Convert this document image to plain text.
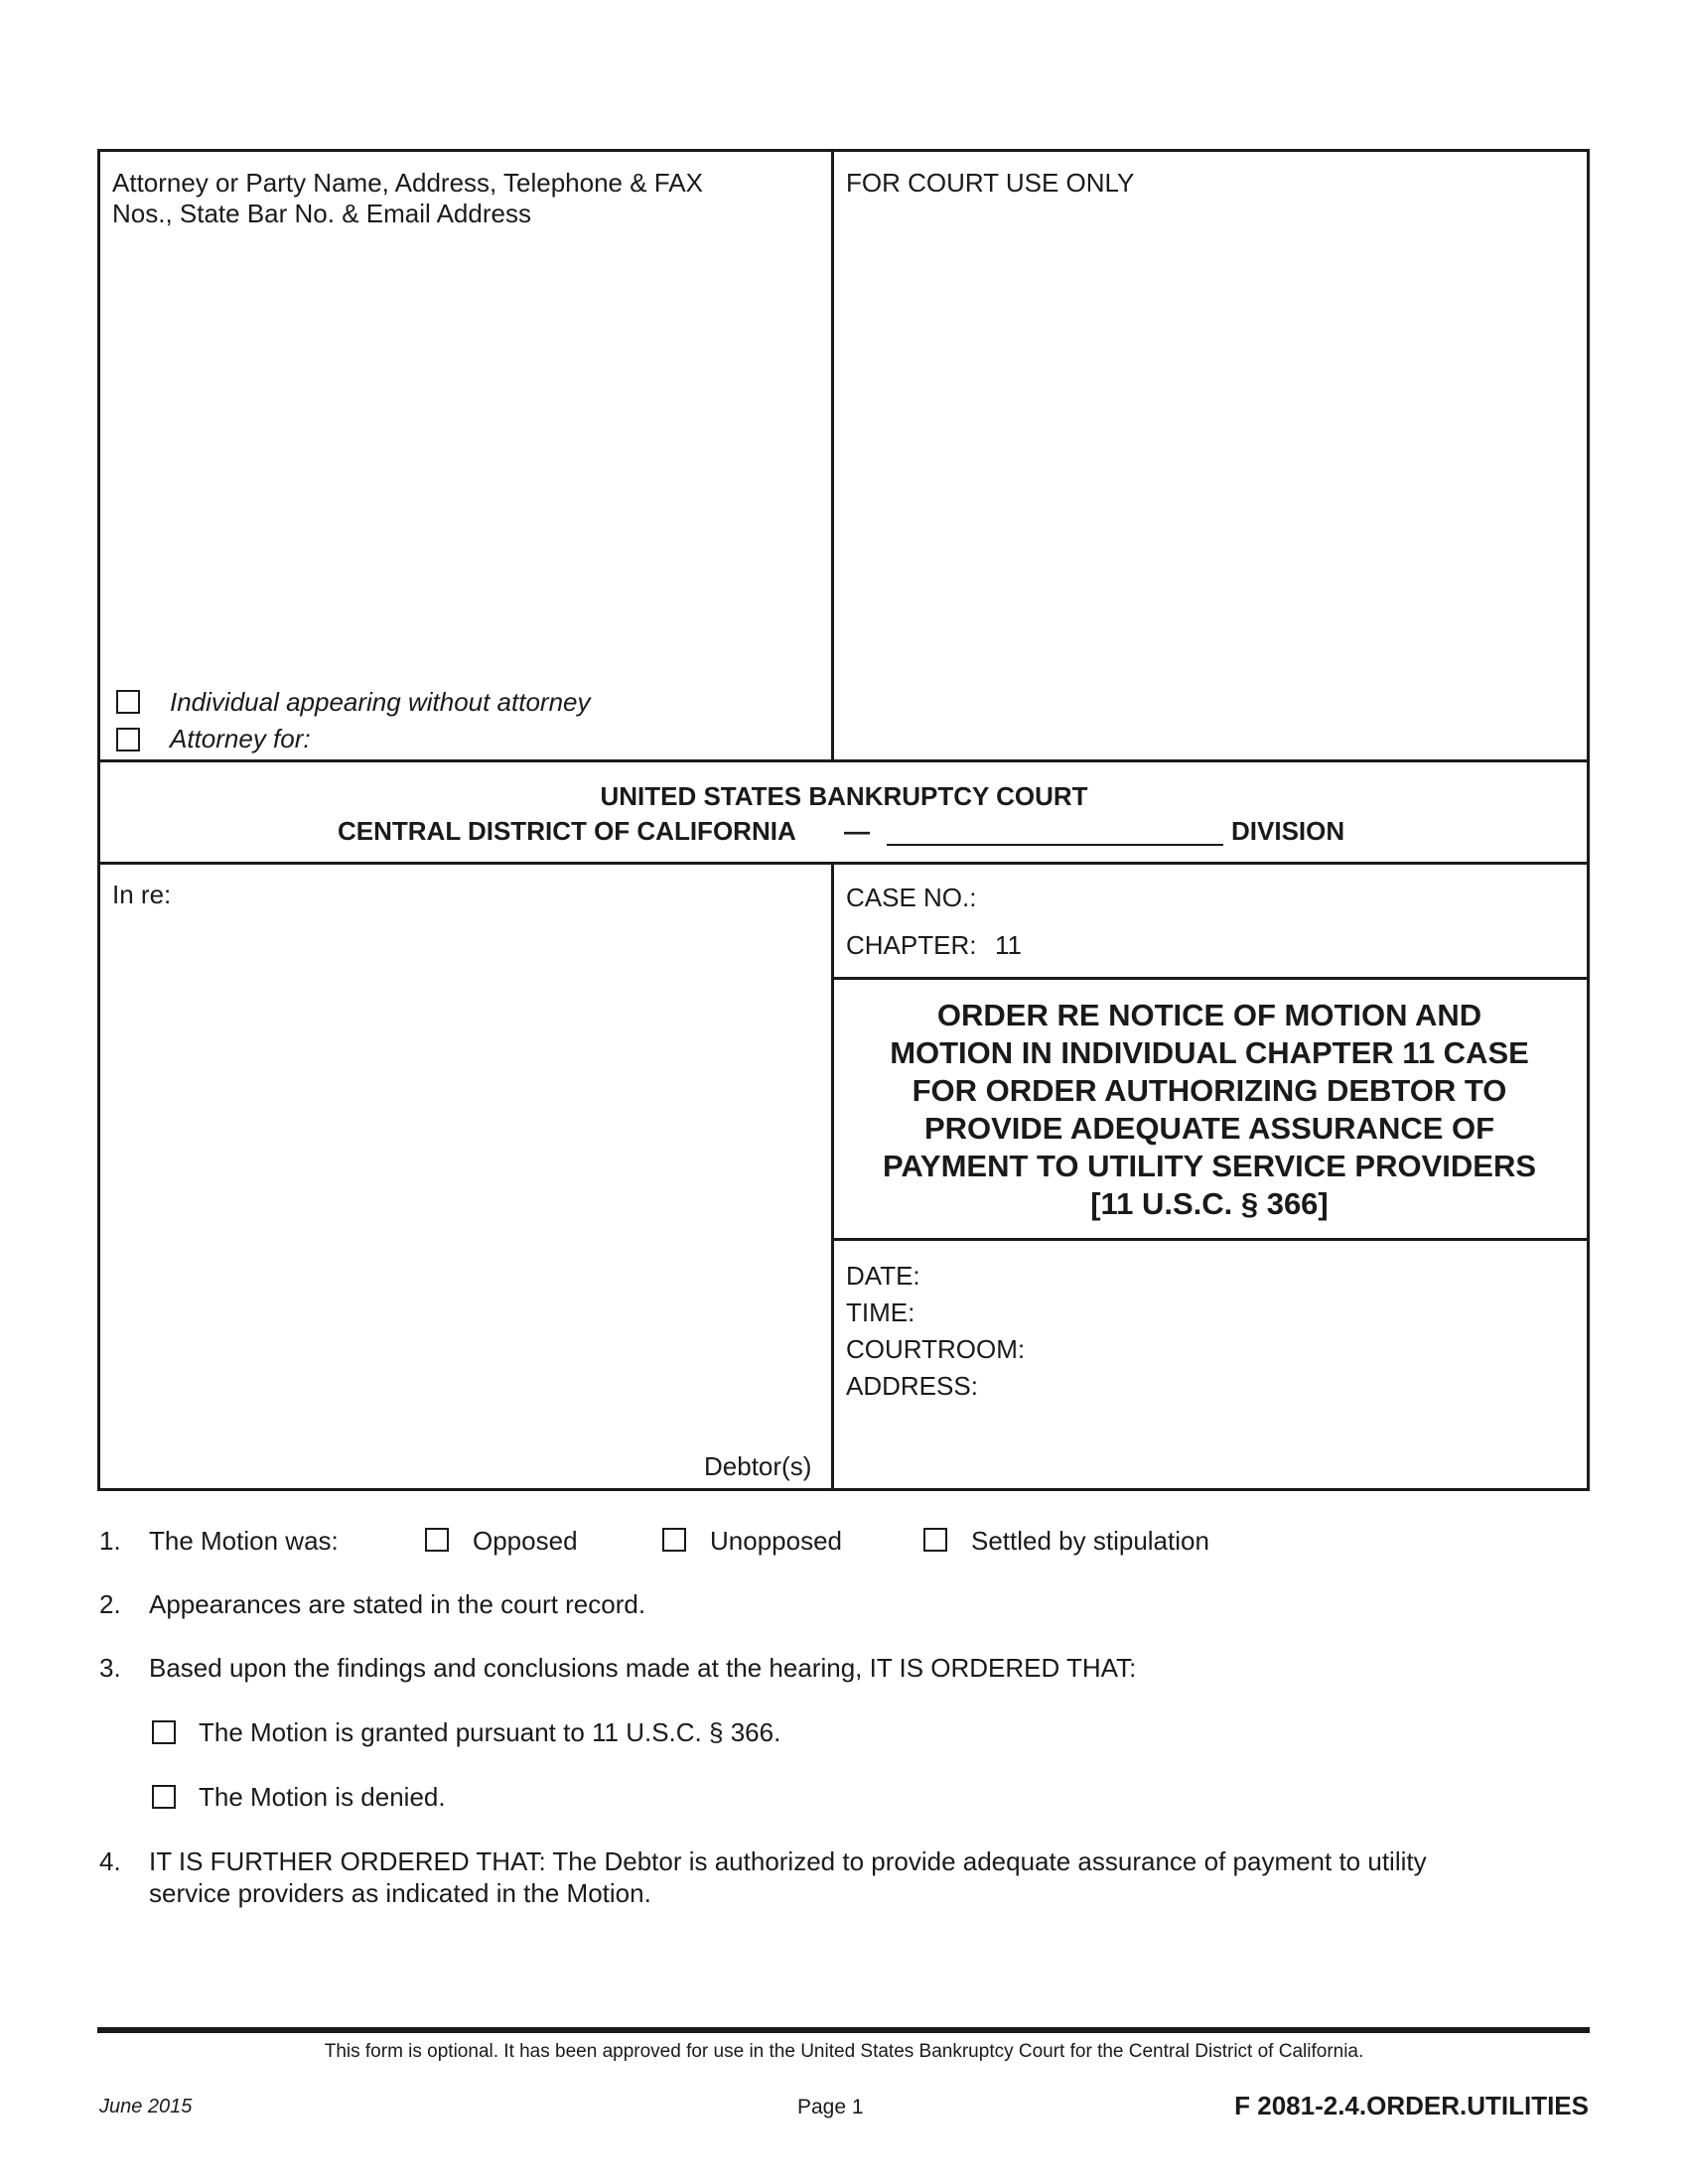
Attorney or Party Name, Address, Telephone & FAX
Nos., State Bar No. & Email Address
Individual appearing without attorney
Attorney for:
FOR COURT USE ONLY
UNITED STATES BANKRUPTCY COURT
CENTRAL DISTRICT OF CALIFORNIA —	DIVISION
In re:
Debtor(s)
CASE NO.:
CHAPTER: 11
ORDER RE NOTICE OF MOTION AND
MOTION IN INDIVIDUAL CHAPTER 11 CASE
FOR ORDER AUTHORIZING DEBTOR TO
PROVIDE ADEQUATE ASSURANCE OF
PAYMENT TO UTILITY SERVICE PROVIDERS
[11 U.S.C. § 366]
DATE:
TIME:
COURTROOM:
ADDRESS:
1. The Motion was:	Opposed	Unopposed	Settled by stipulation
2. Appearances are stated in the court record.
3. Based upon the findings and conclusions made at the hearing, IT IS ORDERED THAT:
The Motion is granted pursuant to 11 U.S.C. § 366.
The Motion is denied.
4. IT IS FURTHER ORDERED THAT: The Debtor is authorized to provide adequate assurance of payment to utility
service providers as indicated in the Motion.
This form is optional. It has been approved for use in the United States Bankruptcy Court for the Central District of California.
June 2015	Page 1	F 2081-2.4.ORDER.UTILITIES
